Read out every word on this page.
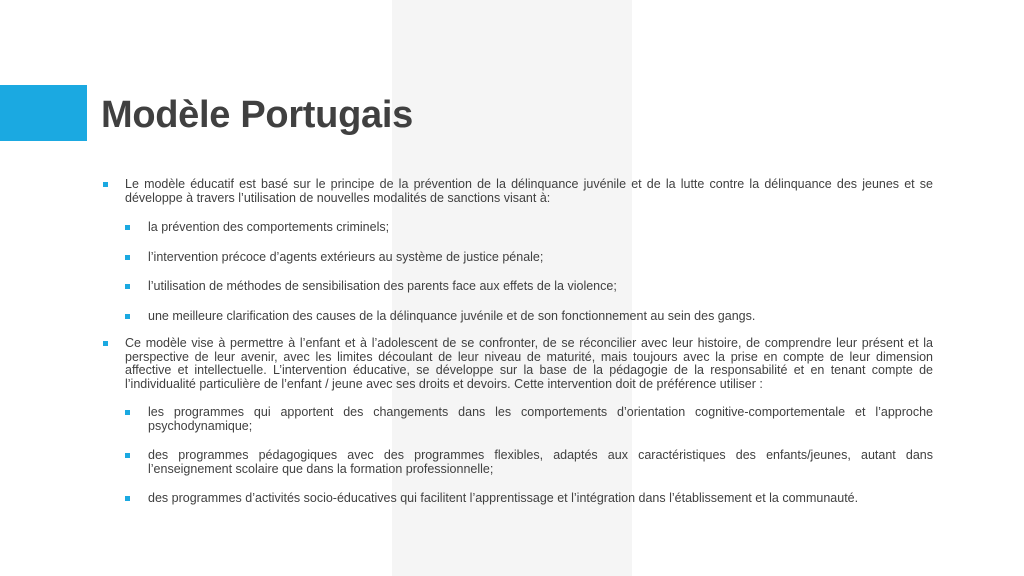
Modèle Portugais
Le modèle éducatif est basé sur le principe de la prévention de la délinquance juvénile et de la lutte contre la délinquance des jeunes et se développe à travers l’utilisation de nouvelles modalités de sanctions visant à:
la prévention des comportements criminels;
l’intervention précoce d’agents extérieurs au système de justice pénale;
l’utilisation de méthodes de sensibilisation des parents face aux effets de la violence;
une meilleure clarification des causes de la délinquance juvénile et de son fonctionnement au sein des gangs.
Ce modèle vise à permettre à l’enfant et à l’adolescent de se confronter, de se réconcilier avec leur histoire, de comprendre leur présent et la perspective de leur avenir, avec les limites découlant de leur niveau de maturité, mais toujours avec la prise en compte de leur dimension affective et intellectuelle. L’intervention éducative, se développe sur la base de la pédagogie de la responsabilité et en tenant compte de l’individualité particulière de l’enfant / jeune avec ses droits et devoirs. Cette intervention doit de préférence utiliser :
les programmes qui apportent des changements dans les comportements d’orientation cognitive-comportementale et l’approche psychodynamique;
des programmes pédagogiques avec des programmes flexibles, adaptés aux caractéristiques des enfants/jeunes, autant dans l’enseignement scolaire que dans la formation professionnelle;
des programmes d’activités socio-éducatives qui facilitent l’apprentissage et l’intégration dans l’établissement et la communauté.
